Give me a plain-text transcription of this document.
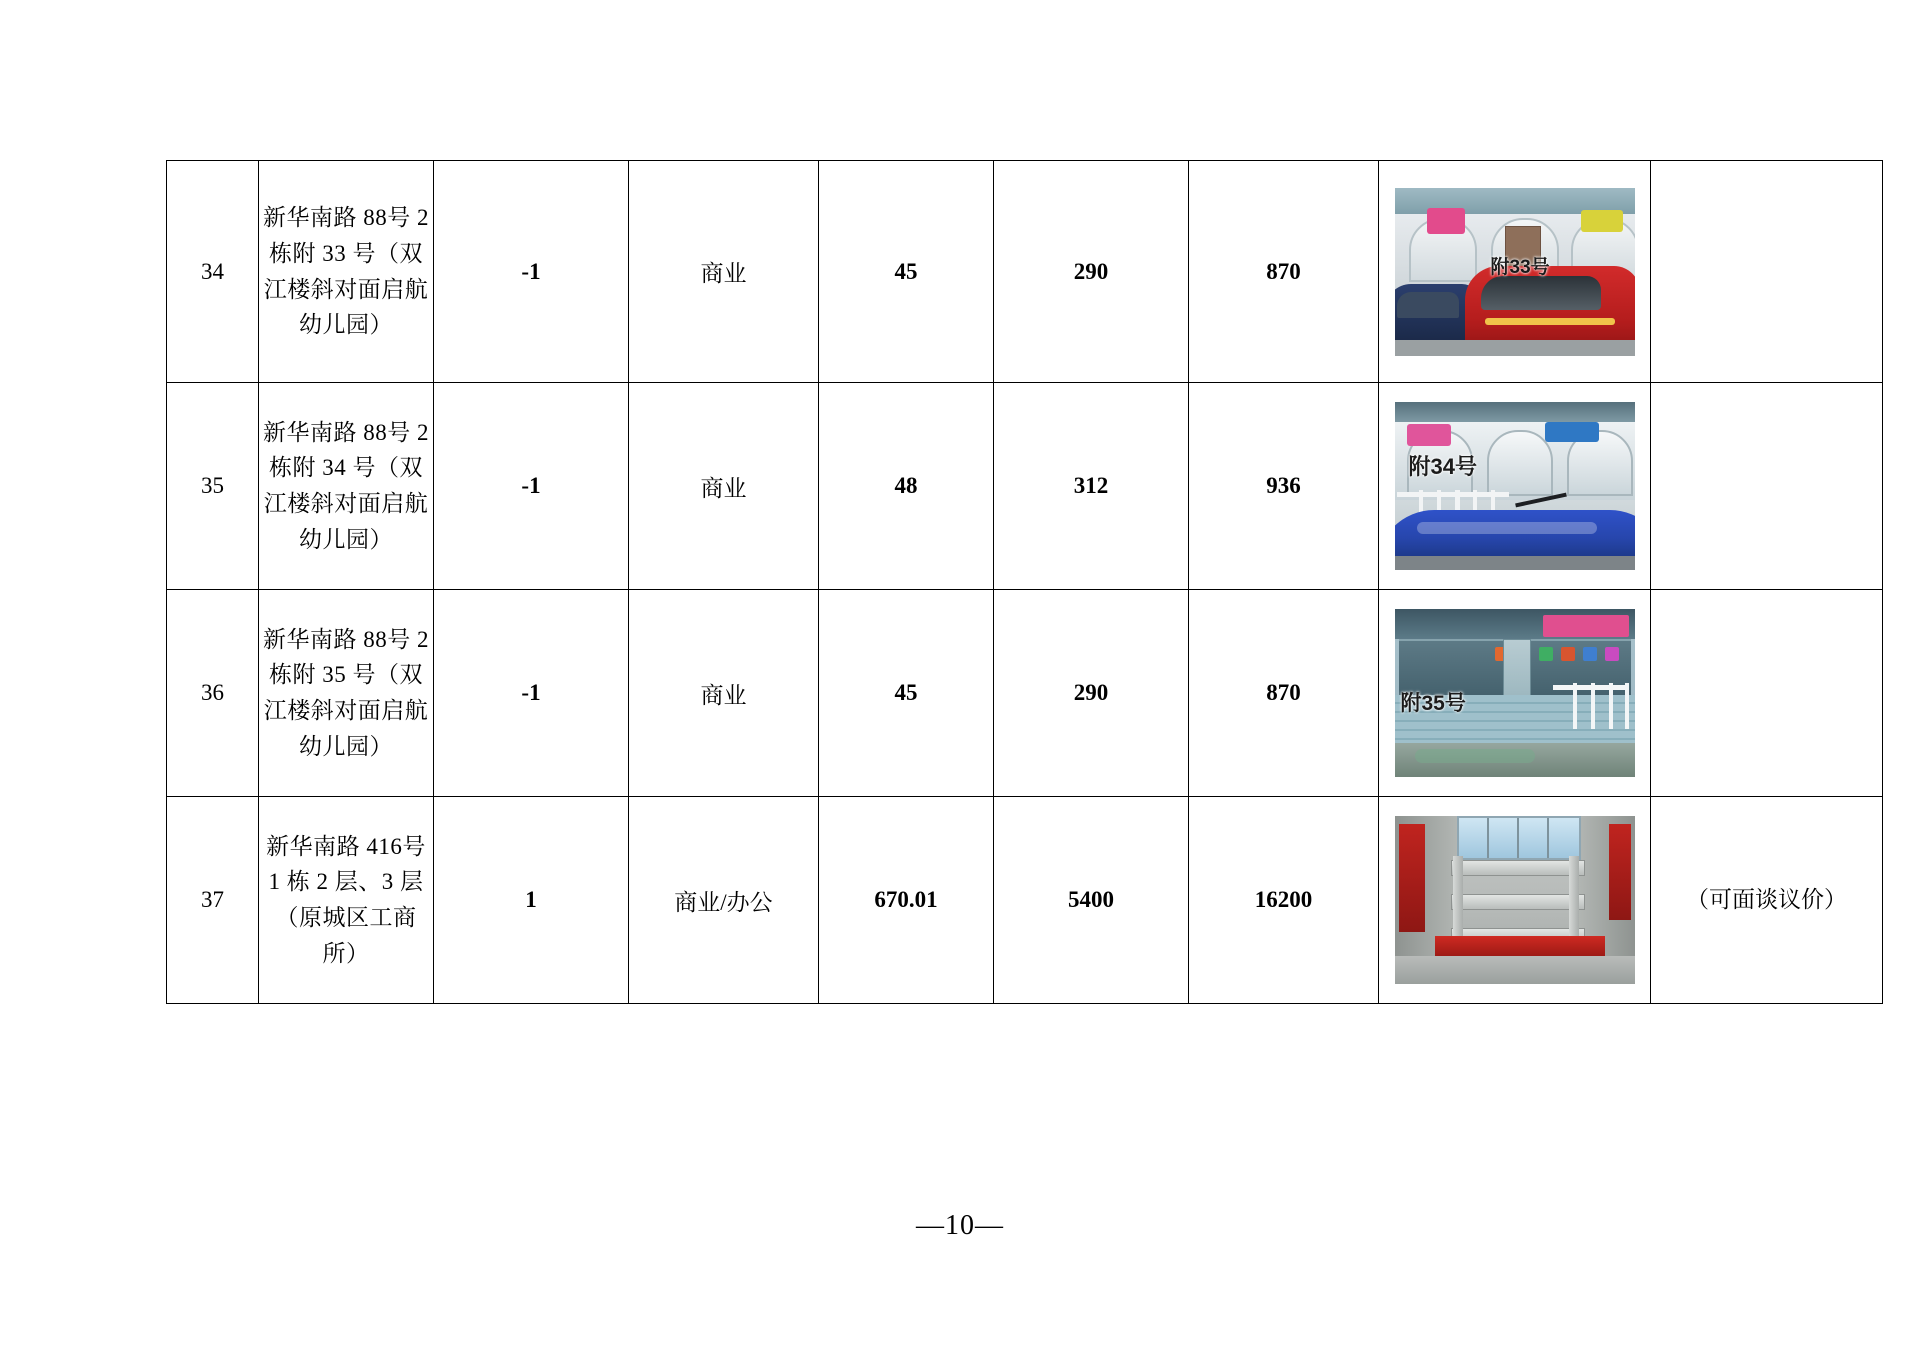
34	新华南路 88号 2 栋附 33 号（双江楼斜对面启航幼儿园）	-1	商业	45	290	870	附33号	

35	新华南路 88号 2 栋附 34 号（双江楼斜对面启航幼儿园）	-1	商业	48	312	936	附34号	

36	新华南路 88号 2 栋附 35 号（双江楼斜对面启航幼儿园）	-1	商业	45	290	870	附35号	

37	新华南路 416号 1 栋 2 层、3 层（原城区工商所）	1	商业/办公	670.01	5400	16200		（可面谈议价）
—10—
